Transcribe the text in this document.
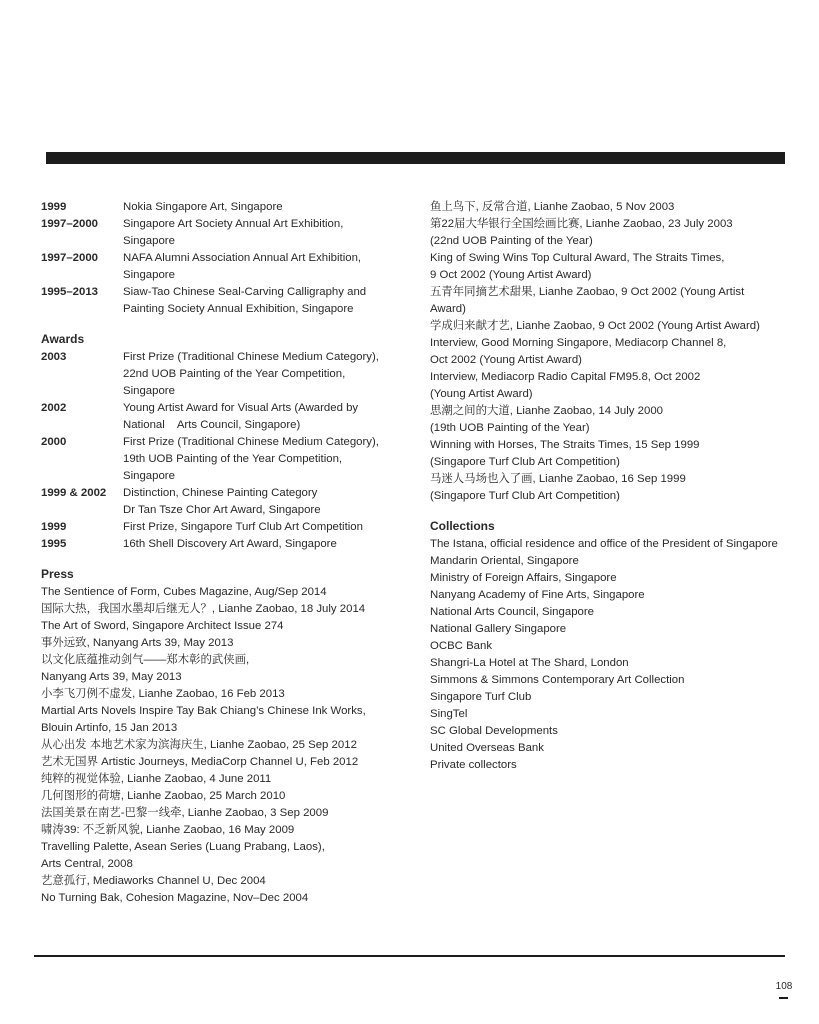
1999	Nokia Singapore Art, Singapore
1997–2000	Singapore Art Society Annual Art Exhibition,
Singapore
1997–2000	NAFA Alumni Association Annual Art Exhibition,
Singapore
1995–2013	Siaw-Tao Chinese Seal-Carving Calligraphy and
Painting Society Annual Exhibition, Singapore
Awards
2003	First Prize (Traditional Chinese Medium Category),
22nd UOB Painting of the Year Competition,
Singapore
2002	Young Artist Award for Visual Arts (Awarded by
National    Arts Council, Singapore)
2000	First Prize (Traditional Chinese Medium Category),
19th UOB Painting of the Year Competition,
Singapore
1999 & 2002	Distinction, Chinese Painting Category
Dr Tan Tsze Chor Art Award, Singapore
1999	First Prize, Singapore Turf Club Art Competition
1995	16th Shell Discovery Art Award, Singapore
Press
The Sentience of Form, Cubes Magazine, Aug/Sep 2014
国际大热，我国水墨却后继无人？, Lianhe Zaobao, 18 July 2014
The Art of Sword, Singapore Architect Issue 274
事外远致, Nanyang Arts 39, May 2013
以文化底蕴推动剑气——郑木彰的武侠画,
Nanyang Arts 39, May 2013
小李飞刀例不虚发, Lianhe Zaobao, 16 Feb 2013
Martial Arts Novels Inspire Tay Bak Chiang’s Chinese Ink Works,
Blouin Artinfo, 15 Jan 2013
从心出发 本地艺术家为滨海庆生, Lianhe Zaobao, 25 Sep 2012
艺术无国界 Artistic Journeys, MediaCorp Channel U, Feb 2012
纯粹的视觉体验, Lianhe Zaobao, 4 June 2011
几何图形的荷塘, Lianhe Zaobao, 25 March 2010
法国美景在南艺-巴黎一线牵, Lianhe Zaobao, 3 Sep 2009
啸涛39: 不乏新风貌, Lianhe Zaobao, 16 May 2009
Travelling Palette, Asean Series (Luang Prabang, Laos),
Arts Central, 2008
艺意孤行, Mediaworks Channel U, Dec 2004
No Turning Bak, Cohesion Magazine, Nov–Dec 2004
鱼上鸟下, 反常合道, Lianhe Zaobao, 5 Nov 2003
第22届大华银行全国绘画比赛, Lianhe Zaobao, 23 July 2003
(22nd UOB Painting of the Year)
King of Swing Wins Top Cultural Award, The Straits Times,
9 Oct 2002 (Young Artist Award)
五青年同摘艺术甜果, Lianhe Zaobao, 9 Oct 2002 (Young Artist
Award)
学成归来献才艺, Lianhe Zaobao, 9 Oct 2002 (Young Artist Award)
Interview, Good Morning Singapore, Mediacorp Channel 8,
Oct 2002 (Young Artist Award)
Interview, Mediacorp Radio Capital FM95.8, Oct 2002
(Young Artist Award)
思潮之间的大道, Lianhe Zaobao, 14 July 2000
(19th UOB Painting of the Year)
Winning with Horses, The Straits Times, 15 Sep 1999
(Singapore Turf Club Art Competition)
马迷人马场也入了画, Lianhe Zaobao, 16 Sep 1999
(Singapore Turf Club Art Competition)
Collections
The Istana, official residence and office of the President of Singapore
Mandarin Oriental, Singapore
Ministry of Foreign Affairs, Singapore
Nanyang Academy of Fine Arts, Singapore
National Arts Council, Singapore
National Gallery Singapore
OCBC Bank
Shangri-La Hotel at The Shard, London
Simmons & Simmons Contemporary Art Collection
Singapore Turf Club
SingTel
SC Global Developments
United Overseas Bank
Private collectors
108
